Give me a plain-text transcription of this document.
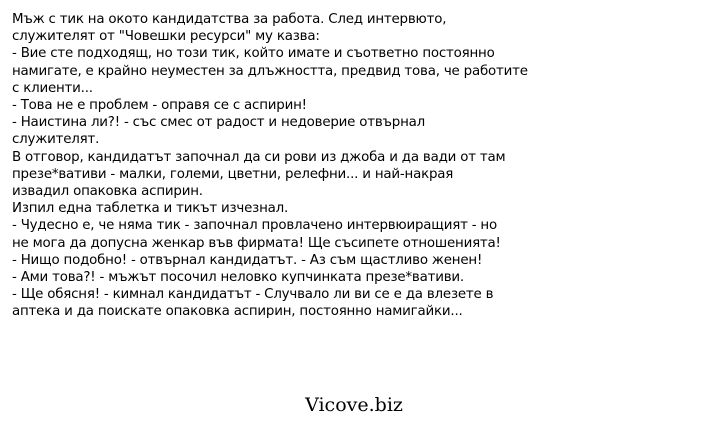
Мъж с тик на окото кандидатства за работа. След интервюто,
служителят от "Човешки ресурси" му казва:
- Вие сте подходящ, но този тик, който имате и съответно постоянно
намигате, е крайно неуместен за длъжността, предвид това, че работите
с клиенти...
- Това не е проблем - оправя се с аспирин!
- Наистина ли?! - със смес от радост и недоверие отвърнал
служителят.
В отговор, кандидатът започнал да си рови из джоба и да вади от там
презе*вативи - малки, големи, цветни, релефни... и най-накрая
извадил опаковка аспирин.
Изпил една таблетка и тикът изчезнал.
- Чудесно е, че няма тик - започнал провлачено интервюиращият - но
не мога да допусна женкар във фирмата! Ще съсипете отношенията!
- Нищо подобно! - отвърнал кандидатът. - Аз съм щастливо женен!
- Ами това?! - мъжът посочил неловко купчинката презе*вативи.
- Ще обясня! - кимнал кандидатът - Случвало ли ви се е да влезете в
аптека и да поискате опаковка аспирин, постоянно намигайки...
Vicove.biz
